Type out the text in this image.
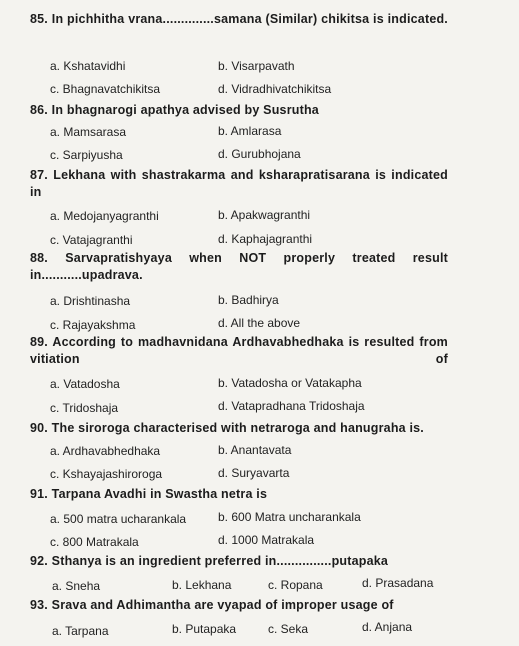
85. In pichhitha vrana..............samana (Similar) chikitsa is indicated.
a. Kshatavidhi	b. Visarpavath
c. Bhagnavatchikitsa	d. Vidradhivatchikitsa
86. In bhagnarogi apathya advised by Susrutha
a. Mamsarasa	b. Amlarasa
c. Sarpiyusha	d. Gurubhojana
87. Lekhana with shastrakarma and ksharapratisarana is indicated in
a. Medojanyagranthi	b. Apakwagranthi
c. Vatajagranthi	d. Kaphajagranthi
88. Sarvapratishyaya when NOT properly treated result in...........upadrava.
a. Drishtinasha	b. Badhirya
c. Rajayakshma	d. All the above
89. According to madhavnidana Ardhavabhedhaka is resulted from vitiation of
a. Vatadosha	b. Vatadosha or Vatakapha
c. Tridoshaja	d. Vatapradhana Tridoshaja
90. The siroroga characterised with netraroga and hanugraha is.
a. Ardhavabhedhaka	b. Anantavata
c. Kshayajashiroroga	d. Suryavarta
91. Tarpana Avadhi in Swastha netra is
a. 500 matra ucharankala	b. 600 Matra uncharankala
c. 800 Matrakala	d. 1000 Matrakala
92. Sthanya is an ingredient preferred in...............putapaka
a. Sneha	b. Lekhana	c. Ropana	d. Prasadana
93. Srava and Adhimantha are vyapad of improper usage of
a. Tarpana	b. Putapaka	c. Seka	d. Anjana
